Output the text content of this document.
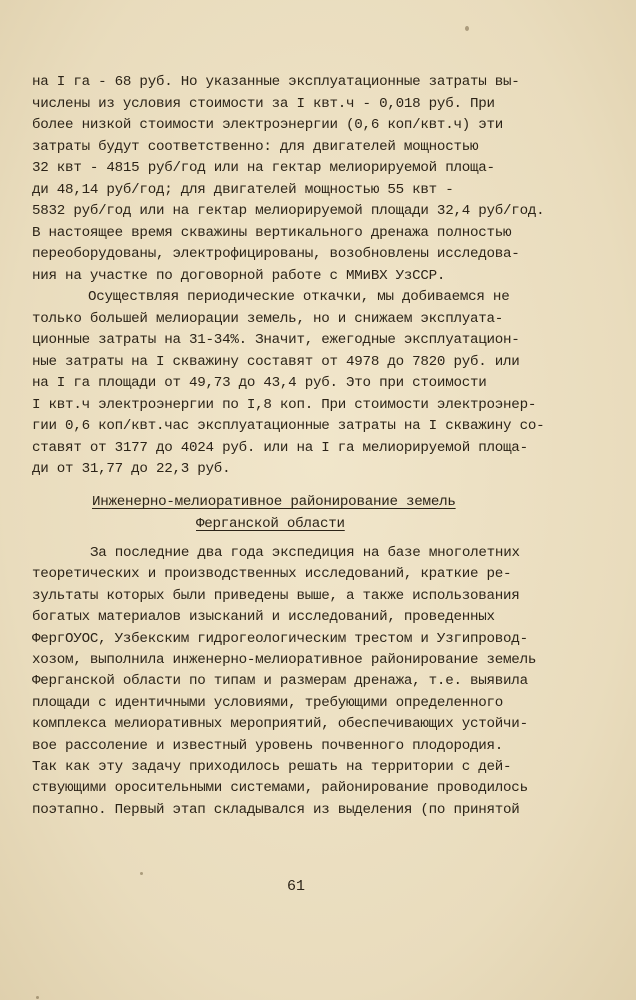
на I га - 68 руб. Но указанные эксплуатационные затраты вы-
числены из условия стоимости за I квт.ч - 0,018 руб. При
более низкой стоимости электроэнергии (0,6 коп/квт.ч) эти
затраты будут соответственно: для двигателей мощностью
32 квт - 4815 руб/год или на гектар мелиорируемой площа-
ди 48,14 руб/год; для двигателей мощностью 55 квт -
5832 руб/год или на гектар мелиорируемой площади 32,4 руб/год.
В настоящее время скважины вертикального дренажа полностью
переоборудованы, электрофицированы, возобновлены исследова-
ния на участке по договорной работе с ММиВХ УзССР.
Осуществляя периодические откачки, мы добиваемся не
только большей мелиорации земель, но и снижаем эксплуата-
ционные затраты на 31-34%. Значит, ежегодные эксплуатацион-
ные затраты на I скважину составят от 4978 до 7820 руб. или
на I га площади от 49,73 до 43,4 руб. Это при стоимости
I квт.ч электроэнергии по I,8 коп. При стоимости электроэнер-
гии 0,6 коп/квт.час эксплуатационные затраты на I скважину со-
ставят от 3177 до 4024 руб. или на I га мелиорируемой площа-
ди от 31,77 до 22,3 руб.
Инженерно-мелиоративное районирование земель
Ферганской области
За последние два года экспедиция на базе многолетних
теоретических и производственных исследований, краткие ре-
зультаты которых были приведены выше, а также использования
богатых материалов изысканий и исследований, проведенных
ФергОУОС, Узбекским гидрогеологическим трестом и Узгипровод-
хозом, выполнила инженерно-мелиоративное районирование земель
Ферганской области по типам и размерам дренажа, т.е. выявила
площади с идентичными условиями, требующими определенного
комплекса мелиоративных мероприятий, обеспечивающих устойчи-
вое рассоление и известный уровень почвенного плодородия.
Так как эту задачу приходилось решать на территории с дей-
ствующими оросительными системами, районирование проводилось
поэтапно. Первый этап складывался из выделения (по принятой
61
